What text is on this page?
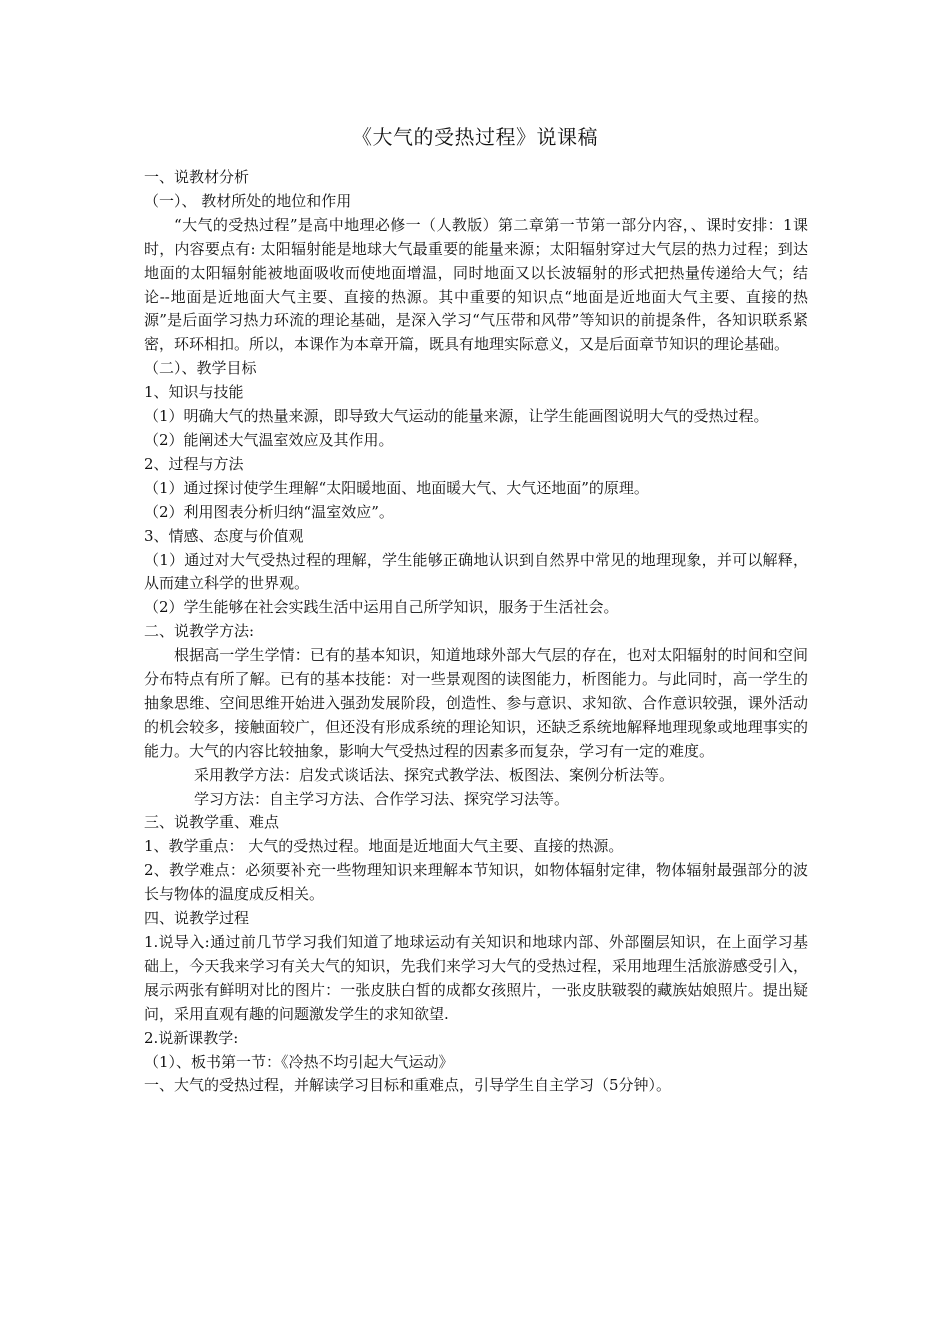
《大气的受热过程》说课稿

一、说教材分析

（一）、 教材所处的地位和作用

“大气的受热过程”是高中地理必修一（人教版）第二章第一节第一部分内容，、课时安排：1课时，内容要点有: 太阳辐射能是地球大气最重要的能量来源；太阳辐射穿过大气层的热力过程；到达地面的太阳辐射能被地面吸收而使地面增温，同时地面又以长波辐射的形式把热量传递给大气；结论--地面是近地面大气主要、直接的热源。其中重要的知识点“地面是近地面大气主要、直接的热源”是后面学习热力环流的理论基础，是深入学习“气压带和风带”等知识的前提条件，各知识联系紧密，环环相扣。所以，本课作为本章开篇，既具有地理实际意义，又是后面章节知识的理论基础。

（二）、教学目标

1、知识与技能

（1）明确大气的热量来源，即导致大气运动的能量来源，让学生能画图说明大气的受热过程。

（2）能阐述大气温室效应及其作用。

2、过程与方法

（1）通过探讨使学生理解“太阳暖地面、地面暖大气、大气还地面”的原理。

（2）利用图表分析归纳“温室效应”。

3、情感、态度与价值观

（1）通过对大气受热过程的理解，学生能够正确地认识到自然界中常见的地理现象，并可以解释，从而建立科学的世界观。

（2）学生能够在社会实践生活中运用自己所学知识，服务于生活社会。

二、说教学方法:

根据高一学生学情：已有的基本知识，知道地球外部大气层的存在，也对太阳辐射的时间和空间分布特点有所了解。已有的基本技能：对一些景观图的读图能力，析图能力。与此同时，高一学生的抽象思维、空间思维开始进入强劲发展阶段，创造性、参与意识、求知欲、合作意识较强，课外活动的机会较多，接触面较广，但还没有形成系统的理论知识，还缺乏系统地解释地理现象或地理事实的能力。大气的内容比较抽象，影响大气受热过程的因素多而复杂，学习有一定的难度。

采用教学方法：启发式谈话法、探究式教学法、板图法、案例分析法等。

学习方法：自主学习方法、合作学习法、探究学习法等。

三、说教学重、难点

1、教学重点： 大气的受热过程。地面是近地面大气主要、直接的热源。

2、教学难点：必须要补充一些物理知识来理解本节知识，如物体辐射定律，物体辐射最强部分的波长与物体的温度成反相关。

四、说教学过程

1.说导入:通过前几节学习我们知道了地球运动有关知识和地球内部、外部圈层知识，在上面学习基础上，今天我来学习有关大气的知识，先我们来学习大气的受热过程，采用地理生活旅游感受引入，展示两张有鲜明对比的图片：一张皮肤白皙的成都女孩照片，一张皮肤皲裂的藏族姑娘照片。提出疑问，采用直观有趣的问题激发学生的求知欲望.

2.说新课教学:

（1）、板书第一节：《冷热不均引起大气运动》

一、大气的受热过程，并解读学习目标和重难点，引导学生自主学习（5分钟）。
